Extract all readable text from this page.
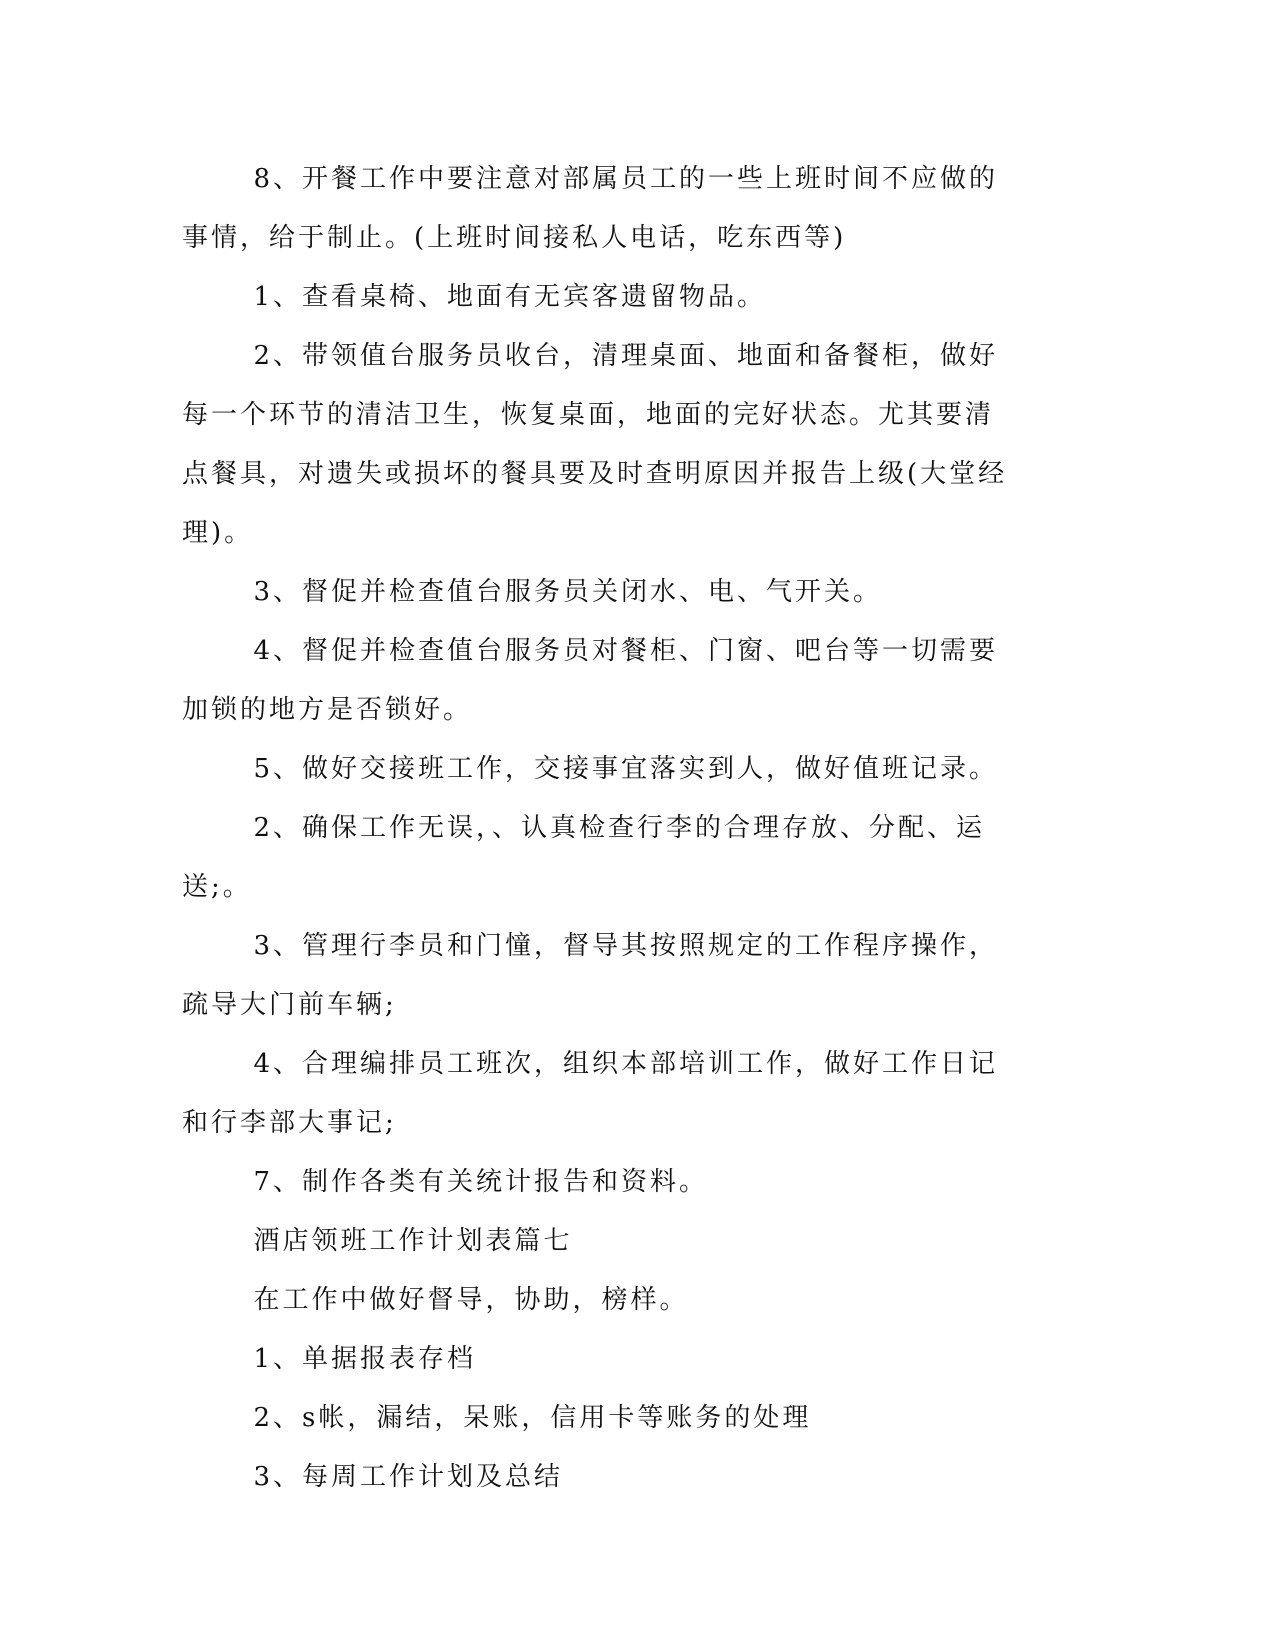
8、开餐工作中要注意对部属员工的一些上班时间不应做的事情，给于制止。(上班时间接私人电话，吃东西等)

1、查看桌椅、地面有无宾客遗留物品。

2、带领值台服务员收台，清理桌面、地面和备餐柜，做好每一个环节的清洁卫生，恢复桌面，地面的完好状态。尤其要清点餐具，对遗失或损坏的餐具要及时查明原因并报告上级(大堂经理)。

3、督促并检查值台服务员关闭水、电、气开关。

4、督促并检查值台服务员对餐柜、门窗、吧台等一切需要加锁的地方是否锁好。

5、做好交接班工作，交接事宜落实到人，做好值班记录。

2、确保工作无误，、认真检查行李的合理存放、分配、运送;。

3、管理行李员和门憧，督导其按照规定的工作程序操作，疏导大门前车辆;

4、合理编排员工班次，组织本部培训工作，做好工作日记和行李部大事记;

7、制作各类有关统计报告和资料。

酒店领班工作计划表篇七

在工作中做好督导，协助，榜样。

1、单据报表存档

2、s帐，漏结，呆账，信用卡等账务的处理

3、每周工作计划及总结
